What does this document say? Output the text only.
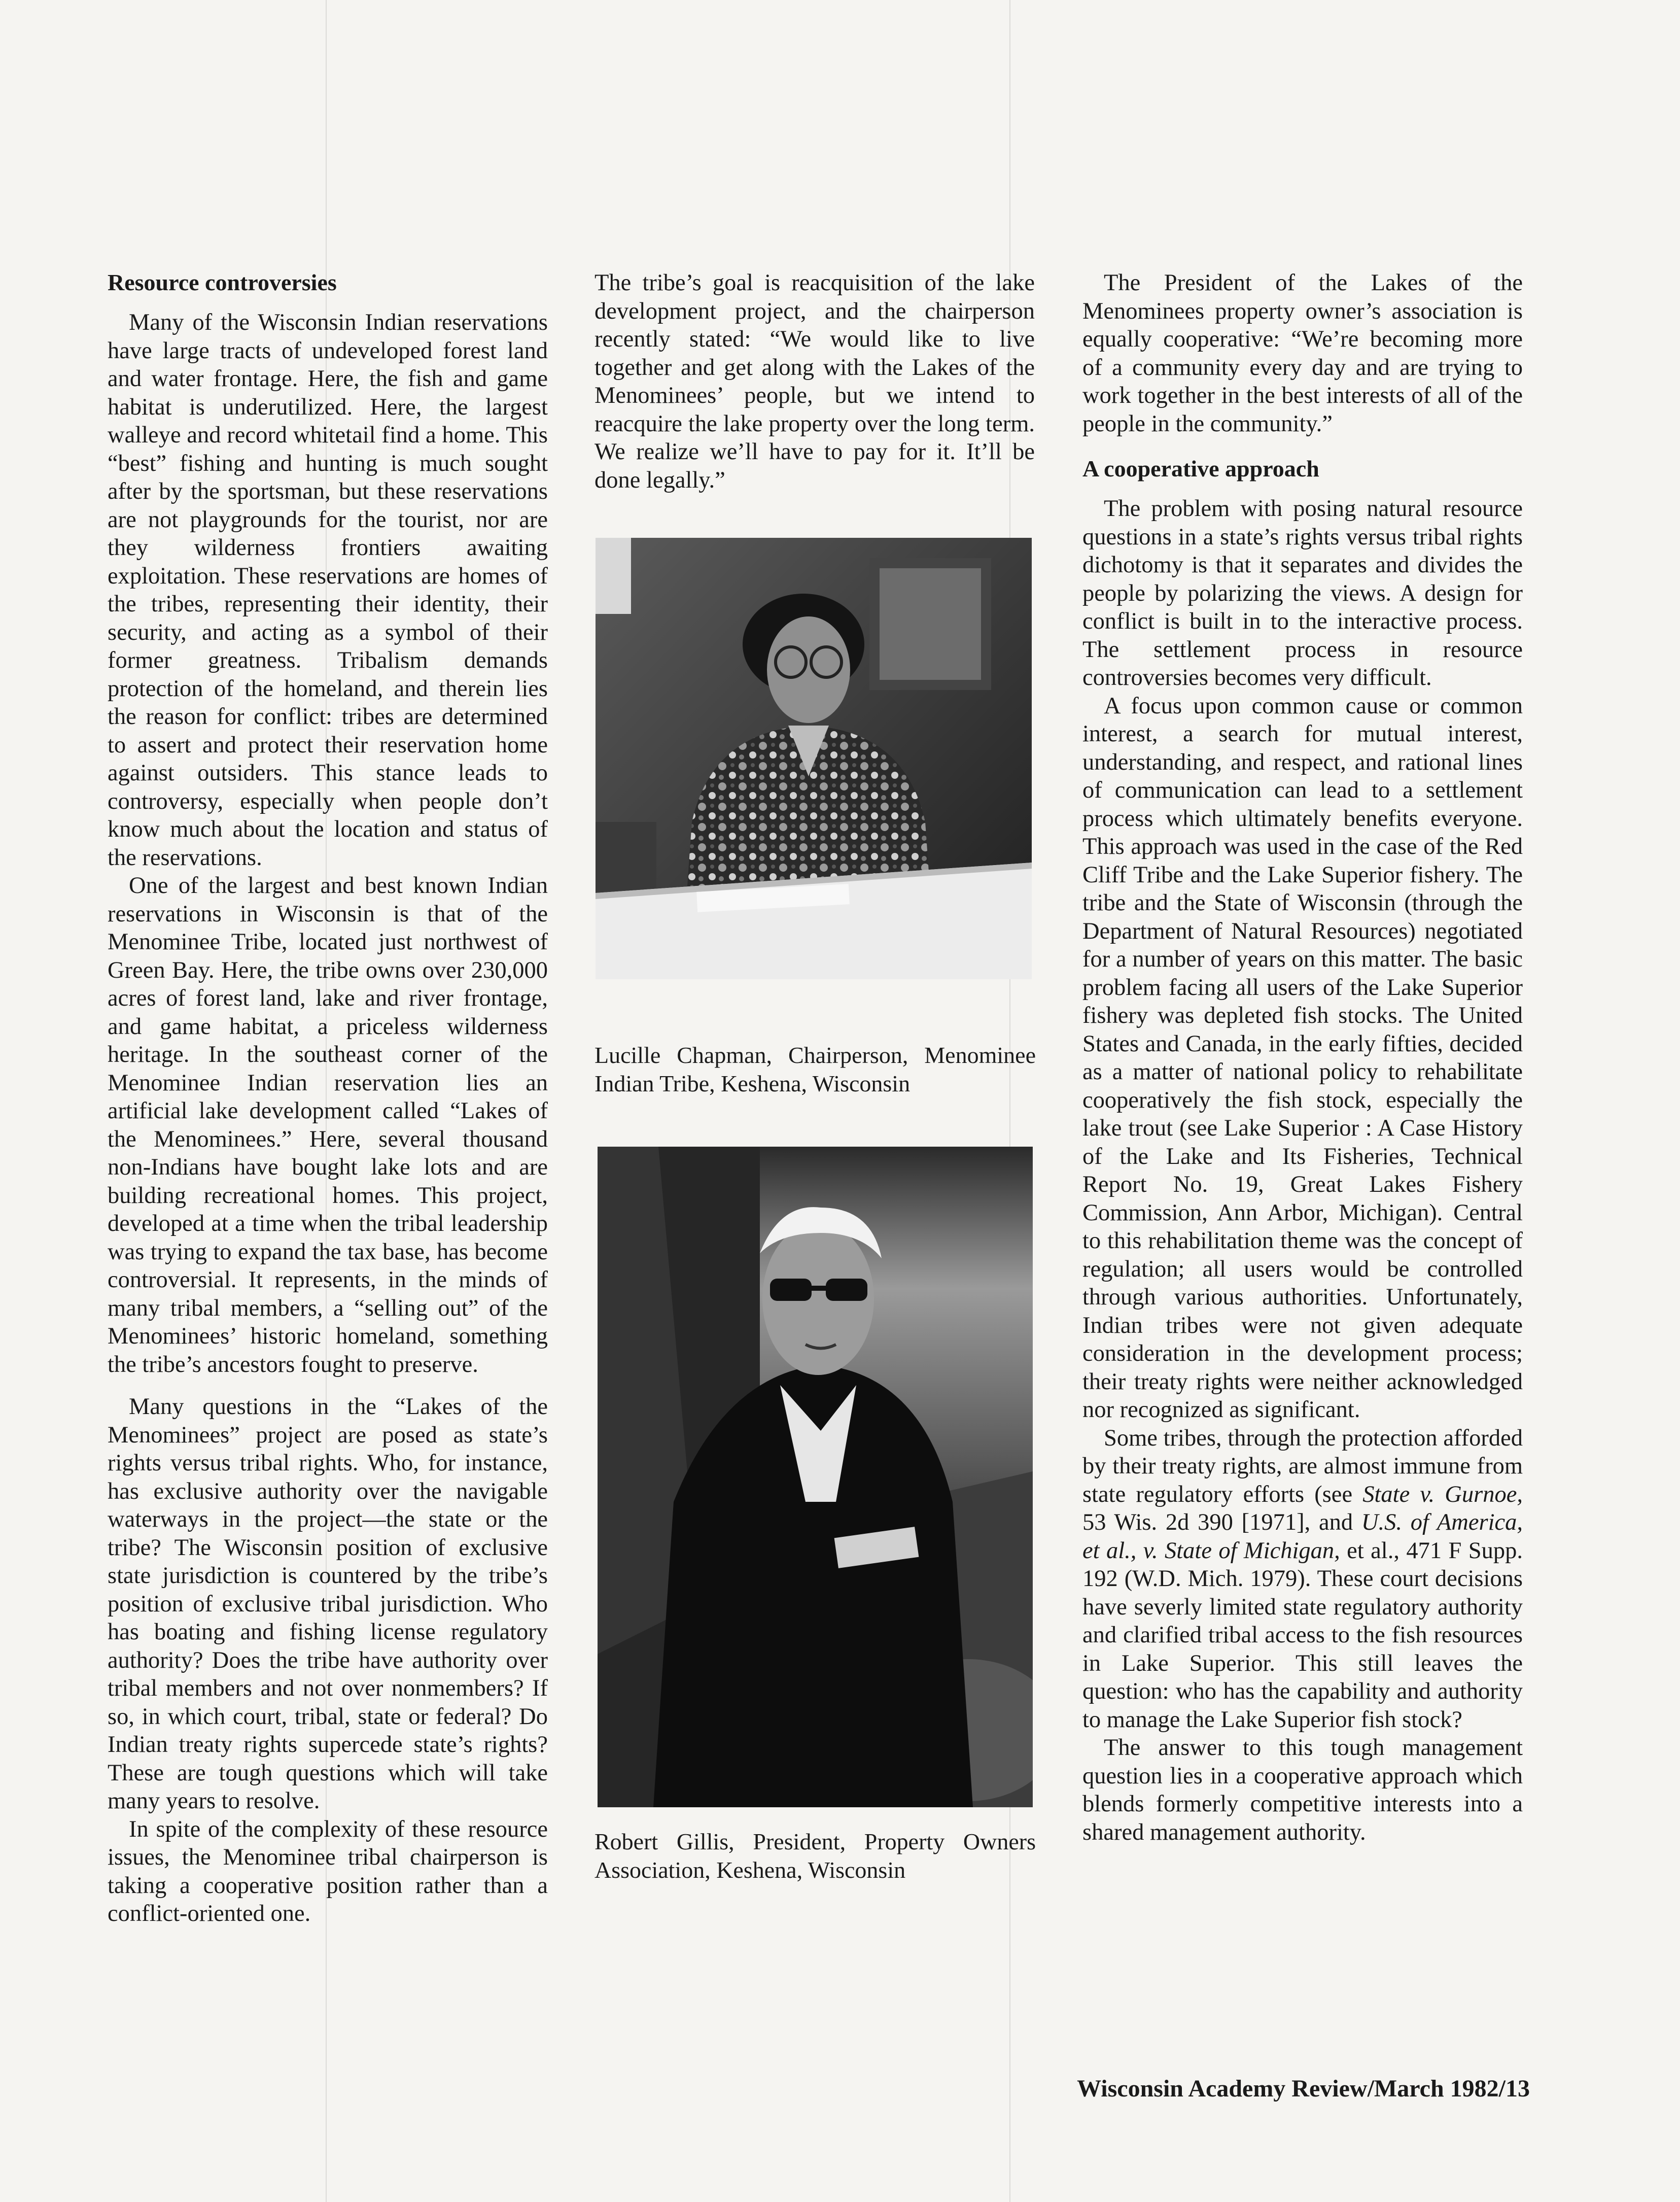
Resource controversies

Many of the Wisconsin Indian reservations have large tracts of undeveloped forest land and water frontage. Here, the fish and game habitat is underutilized. Here, the largest walleye and record whitetail find a home. This “best” fishing and hunting is much sought after by the sportsman, but these reservations are not playgrounds for the tourist, nor are they wilderness frontiers awaiting exploitation. These reservations are homes of the tribes, representing their identity, their security, and acting as a symbol of their former greatness. Tribalism demands protection of the homeland, and therein lies the reason for conflict: tribes are determined to assert and protect their reservation home against outsiders. This stance leads to controversy, especially when people don’t know much about the location and status of the reservations.

One of the largest and best known Indian reservations in Wisconsin is that of the Menominee Tribe, located just northwest of Green Bay. Here, the tribe owns over 230,000 acres of forest land, lake and river frontage, and game habitat, a priceless wilderness heritage. In the southeast corner of the Menominee Indian reservation lies an artificial lake development called “Lakes of the Menominees.” Here, several thousand non-Indians have bought lake lots and are building recreational homes. This project, developed at a time when the tribal leadership was trying to expand the tax base, has become controversial. It represents, in the minds of many tribal members, a “selling out” of the Menominees’ historic homeland, something the tribe’s ancestors fought to preserve.

Many questions in the “Lakes of the Menominees” project are posed as state’s rights versus tribal rights. Who, for instance, has exclusive authority over the navigable waterways in the project—the state or the tribe? The Wisconsin position of exclusive state jurisdiction is countered by the tribe’s position of exclusive tribal jurisdiction. Who has boating and fishing license regulatory authority? Does the tribe have authority over tribal members and not over nonmembers? If so, in which court, tribal, state or federal? Do Indian treaty rights supercede state’s rights? These are tough questions which will take many years to resolve.

In spite of the complexity of these resource issues, the Menominee tribal chairperson is taking a cooperative position rather than a conflict-oriented one.

The tribe’s goal is reacquisition of the lake development project, and the chairperson recently stated: “We would like to live together and get along with the Lakes of the Menominees’ people, but we intend to reacquire the lake property over the long term. We realize we’ll have to pay for it. It’ll be done legally.”

Lucille Chapman, Chairperson, Menominee Indian Tribe, Keshena, Wisconsin
Robert Gillis, President, Property Owners Association, Keshena, Wisconsin

The President of the Lakes of the Menominees property owner’s association is equally cooperative: “We’re becoming more of a community every day and are trying to work together in the best interests of all of the people in the community.”

A cooperative approach

The problem with posing natural resource questions in a state’s rights versus tribal rights dichotomy is that it separates and divides the people by polarizing the views. A design for conflict is built in to the interactive process. The settlement process in resource controversies becomes very difficult.

A focus upon common cause or common interest, a search for mutual interest, understanding, and respect, and rational lines of communication can lead to a settlement process which ultimately benefits everyone. This approach was used in the case of the Red Cliff Tribe and the Lake Superior fishery. The tribe and the State of Wisconsin (through the Department of Natural Resources) negotiated for a number of years on this matter. The basic problem facing all users of the Lake Superior fishery was depleted fish stocks. The United States and Canada, in the early fifties, decided as a matter of national policy to rehabilitate cooperatively the fish stock, especially the lake trout (see Lake Superior : A Case History of the Lake and Its Fisheries, Technical Report No. 19, Great Lakes Fishery Commission, Ann Arbor, Michigan). Central to this rehabilitation theme was the concept of regulation; all users would be controlled through various authorities. Unfortunately, Indian tribes were not given adequate consideration in the development process; their treaty rights were neither acknowledged nor recognized as significant.

Some tribes, through the protection afforded by their treaty rights, are almost immune from state regulatory efforts (see State v. Gurnoe, 53 Wis. 2d 390 [1971], and U.S. of America, et al., v. State of Michigan, et al., 471 F Supp. 192 (W.D. Mich. 1979). These court decisions have severly limited state regulatory authority and clarified tribal access to the fish resources in Lake Superior. This still leaves the question: who has the capability and authority to manage the Lake Superior fish stock?

The answer to this tough management question lies in a cooperative approach which blends formerly competitive interests into a shared management authority.

Wisconsin Academy Review/March 1982/13
